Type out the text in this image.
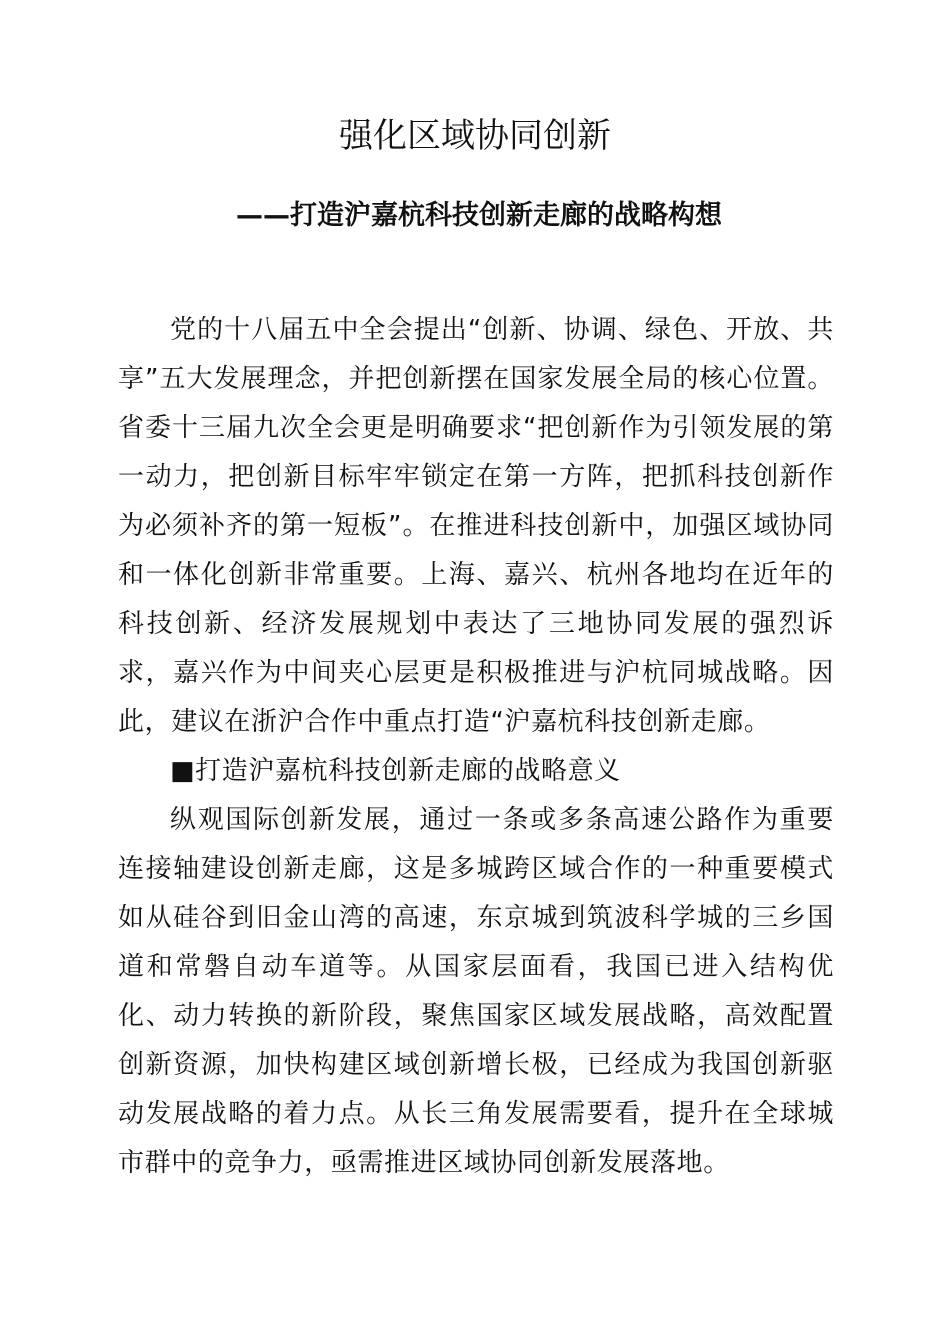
强化区域协同创新
——打造沪嘉杭科技创新走廊的战略构想

党的十八届五中全会提出“创新、协调、绿色、开放、共享”五大发展理念，并把创新摆在国家发展全局的核心位置。省委十三届九次全会更是明确要求“把创新作为引领发展的第一动力，把创新目标牢牢锁定在第一方阵，把抓科技创新作为必须补齐的第一短板”。在推进科技创新中，加强区域协同和一体化创新非常重要。上海、嘉兴、杭州各地均在近年的科技创新、经济发展规划中表达了三地协同发展的强烈诉求，嘉兴作为中间夹心层更是积极推进与沪杭同城战略。因此，建议在浙沪合作中重点打造“沪嘉杭科技创新走廊。

■打造沪嘉杭科技创新走廊的战略意义

纵观国际创新发展，通过一条或多条高速公路作为重要连接轴建设创新走廊，这是多城跨区域合作的一种重要模式如从硅谷到旧金山湾的高速，东京城到筑波科学城的三乡国道和常磐自动车道等。从国家层面看，我国已进入结构优化、动力转换的新阶段，聚焦国家区域发展战略，高效配置创新资源，加快构建区域创新增长极，已经成为我国创新驱动发展战略的着力点。从长三角发展需要看，提升在全球城市群中的竞争力，亟需推进区域协同创新发展落地。
